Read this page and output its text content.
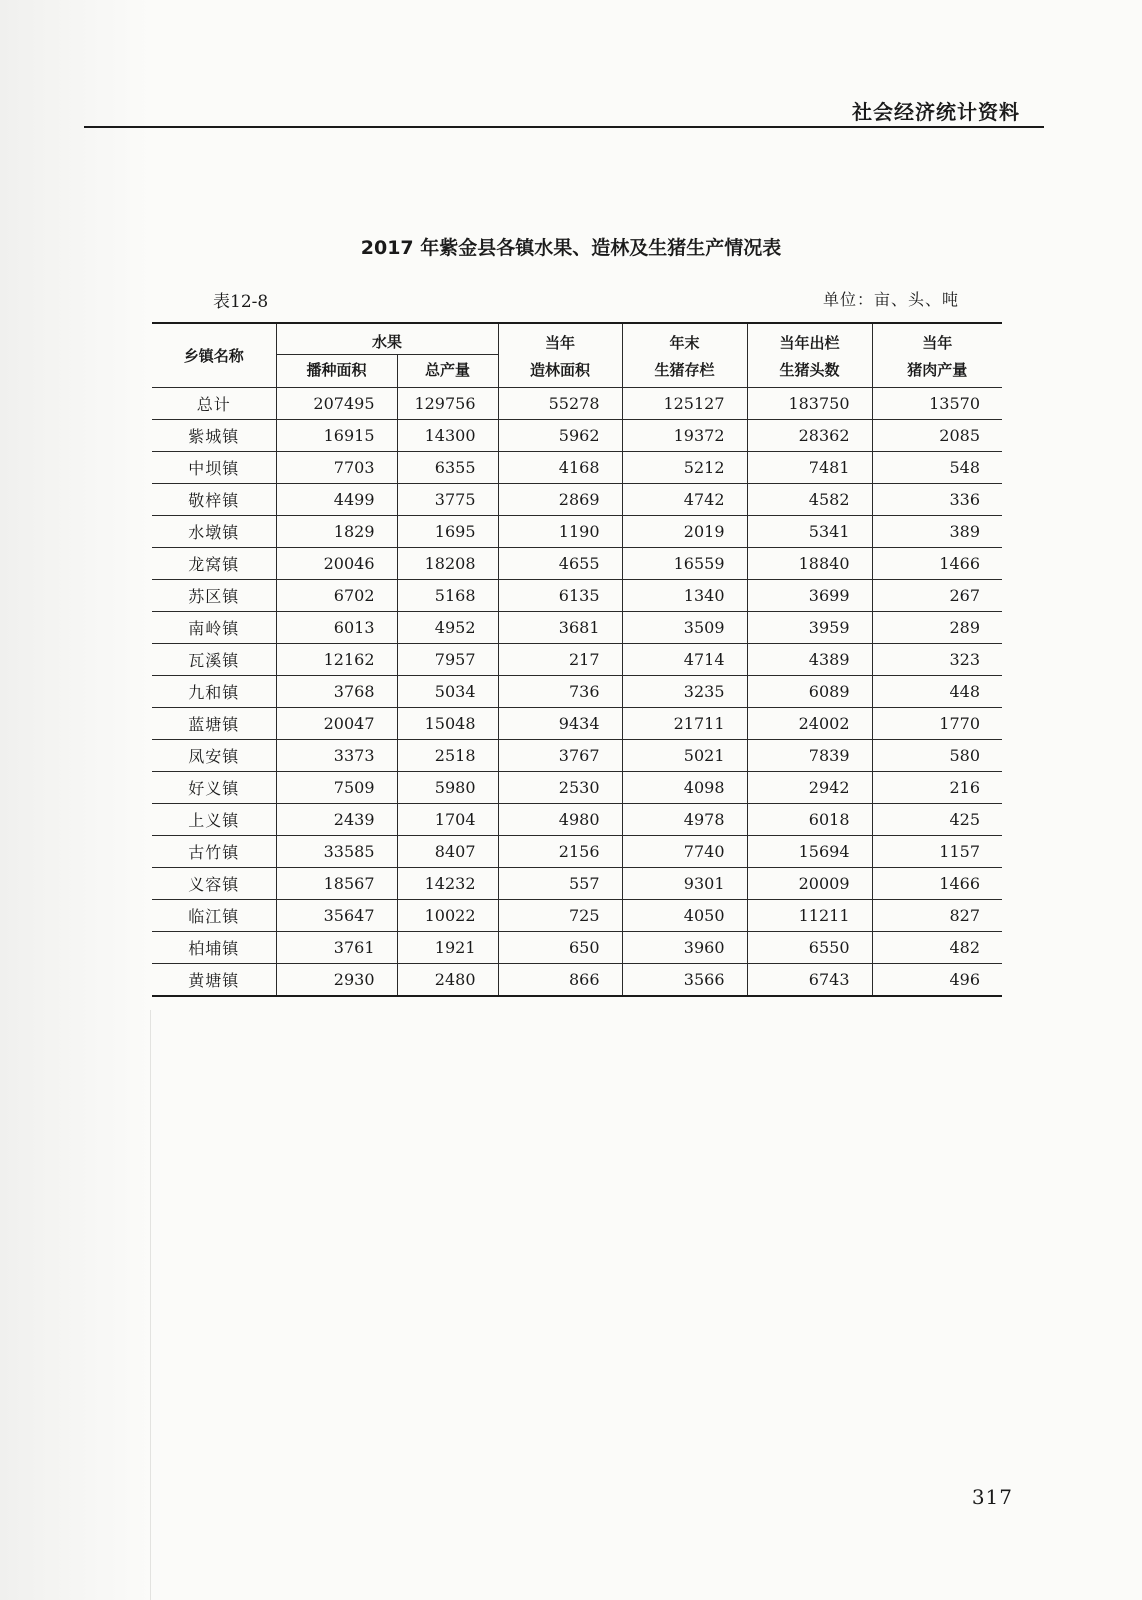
社会经济统计资料
2017 年紫金县各镇水果、造林及生猪生产情况表
表12-8	单位：亩、头、吨
乡镇名称	水果		当年	年末	当年出栏	当年
	播种面积	总产量	造林面积	生猪存栏	生猪头数	猪肉产量
总计	207495	129756	55278	125127	183750	13570
紫城镇	16915	14300	5962	19372	28362	2085
中坝镇	7703	6355	4168	5212	7481	548
敬梓镇	4499	3775	2869	4742	4582	336
水墩镇	1829	1695	1190	2019	5341	389
龙窝镇	20046	18208	4655	16559	18840	1466
苏区镇	6702	5168	6135	1340	3699	267
南岭镇	6013	4952	3681	3509	3959	289
瓦溪镇	12162	7957	217	4714	4389	323
九和镇	3768	5034	736	3235	6089	448
蓝塘镇	20047	15048	9434	21711	24002	1770
凤安镇	3373	2518	3767	5021	7839	580
好义镇	7509	5980	2530	4098	2942	216
上义镇	2439	1704	4980	4978	6018	425
古竹镇	33585	8407	2156	7740	15694	1157
义容镇	18567	14232	557	9301	20009	1466
临江镇	35647	10022	725	4050	11211	827
柏埔镇	3761	1921	650	3960	6550	482
黄塘镇	2930	2480	866	3566	6743	496
317
